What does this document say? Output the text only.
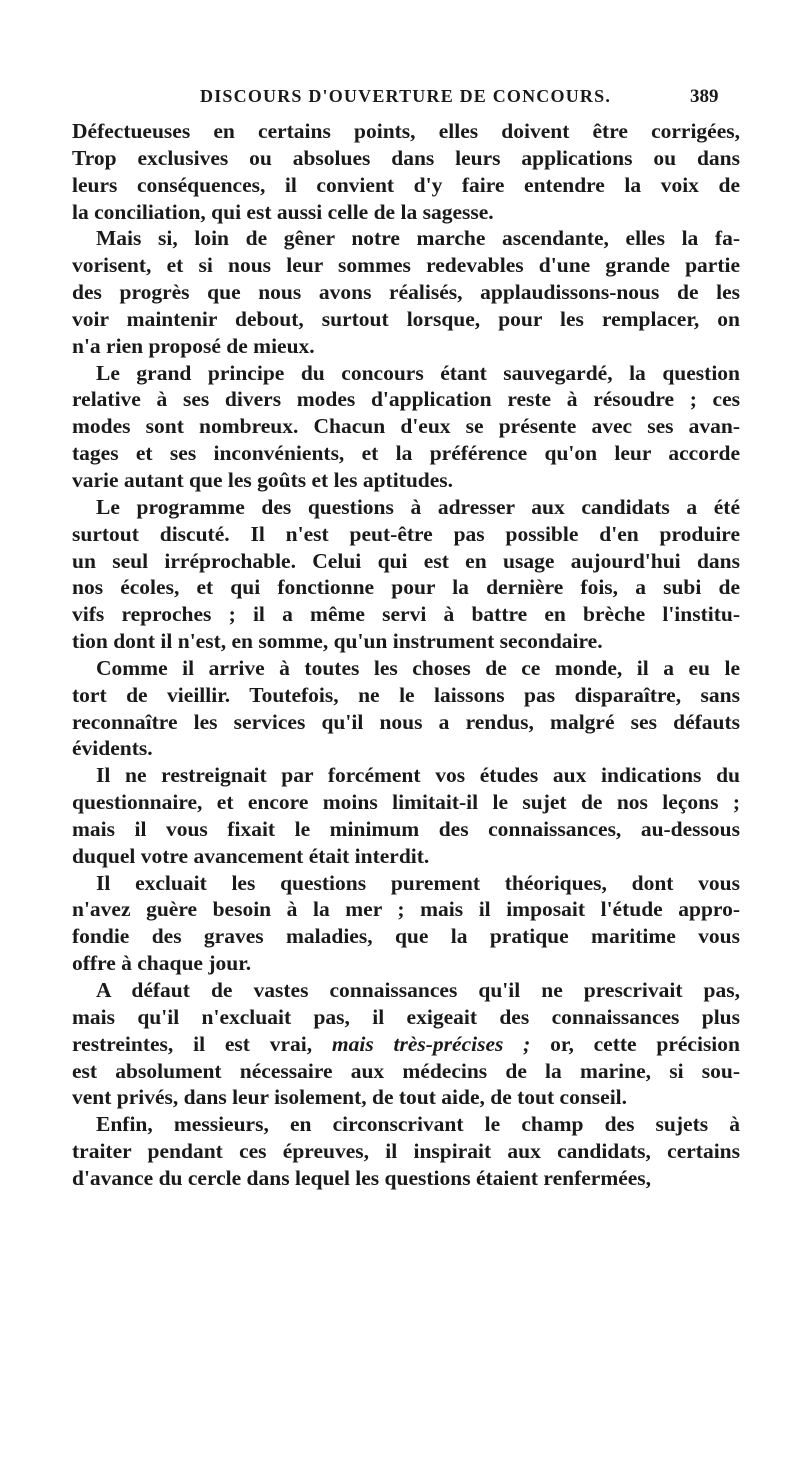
DISCOURS D'OUVERTURE DE CONCOURS.	389
Défectueuses en certains points, elles doivent être corrigées,
Trop exclusives ou absolues dans leurs applications ou dans
leurs conséquences, il convient d'y faire entendre la voix de
la conciliation, qui est aussi celle de la sagesse.
Mais si, loin de gêner notre marche ascendante, elles la fa-
vorisent, et si nous leur sommes redevables d'une grande partie
des progrès que nous avons réalisés, applaudissons-nous de les
voir maintenir debout, surtout lorsque, pour les remplacer, on
n'a rien proposé de mieux.
Le grand principe du concours étant sauvegardé, la question
relative à ses divers modes d'application reste à résoudre ; ces
modes sont nombreux. Chacun d'eux se présente avec ses avan-
tages et ses inconvénients, et la préférence qu'on leur accorde
varie autant que les goûts et les aptitudes.
Le programme des questions à adresser aux candidats a été
surtout discuté. Il n'est peut-être pas possible d'en produire
un seul irréprochable. Celui qui est en usage aujourd'hui dans
nos écoles, et qui fonctionne pour la dernière fois, a subi de
vifs reproches ; il a même servi à battre en brèche l'institu-
tion dont il n'est, en somme, qu'un instrument secondaire.
Comme il arrive à toutes les choses de ce monde, il a eu le
tort de vieillir. Toutefois, ne le laissons pas disparaître, sans
reconnaître les services qu'il nous a rendus, malgré ses défauts
évidents.
Il ne restreignait par forcément vos études aux indications du
questionnaire, et encore moins limitait-il le sujet de nos leçons ;
mais il vous fixait le minimum des connaissances, au-dessous
duquel votre avancement était interdit.
Il excluait les questions purement théoriques, dont vous
n'avez guère besoin à la mer ; mais il imposait l'étude appro-
fondie des graves maladies, que la pratique maritime vous
offre à chaque jour.
A défaut de vastes connaissances qu'il ne prescrivait pas,
mais qu'il n'excluait pas, il exigeait des connaissances plus
restreintes, il est vrai, mais très-précises ; or, cette précision
est absolument nécessaire aux médecins de la marine, si sou-
vent privés, dans leur isolement, de tout aide, de tout conseil.
Enfin, messieurs, en circonscrivant le champ des sujets à
traiter pendant ces épreuves, il inspirait aux candidats, certains
d'avance du cercle dans lequel les questions étaient renfermées,
